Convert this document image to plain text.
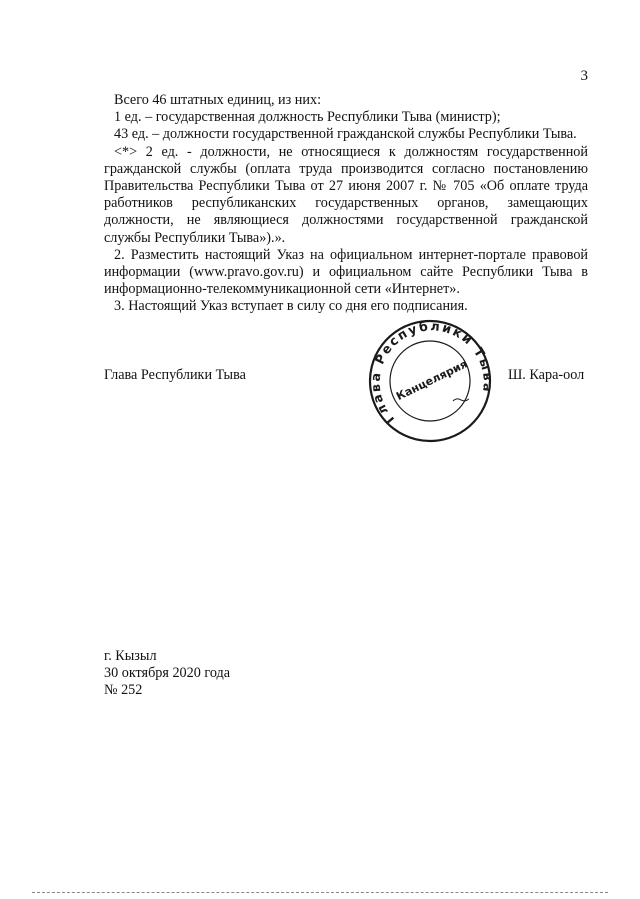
3

Всего 46 штатных единиц, из них:

1 ед. – государственная должность Республики Тыва (министр);

43 ед. – должности государственной гражданской службы Республики Тыва.

<*> 2 ед. - должности, не относящиеся к должностям государственной гражданской службы (оплата труда производится согласно постановлению Правительства Республики Тыва от 27 июня 2007 г. № 705 «Об оплате труда работников республиканских государственных органов, замещающих должности, не являющиеся должностями государственной гражданской службы Республики Тыва»).».

2. Разместить настоящий Указ на официальном интернет-портале правовой информации (www.pravo.gov.ru) и официальном сайте Республики Тыва в информационно-телекоммуникационной сети «Интернет».

3. Настоящий Указ вступает в силу со дня его подписания.

Глава Республики Тыва
Глава Республики Тыва
Канцелярия	Ш. Кара-оол
г. Кызыл
30 октября 2020 года
№ 252
